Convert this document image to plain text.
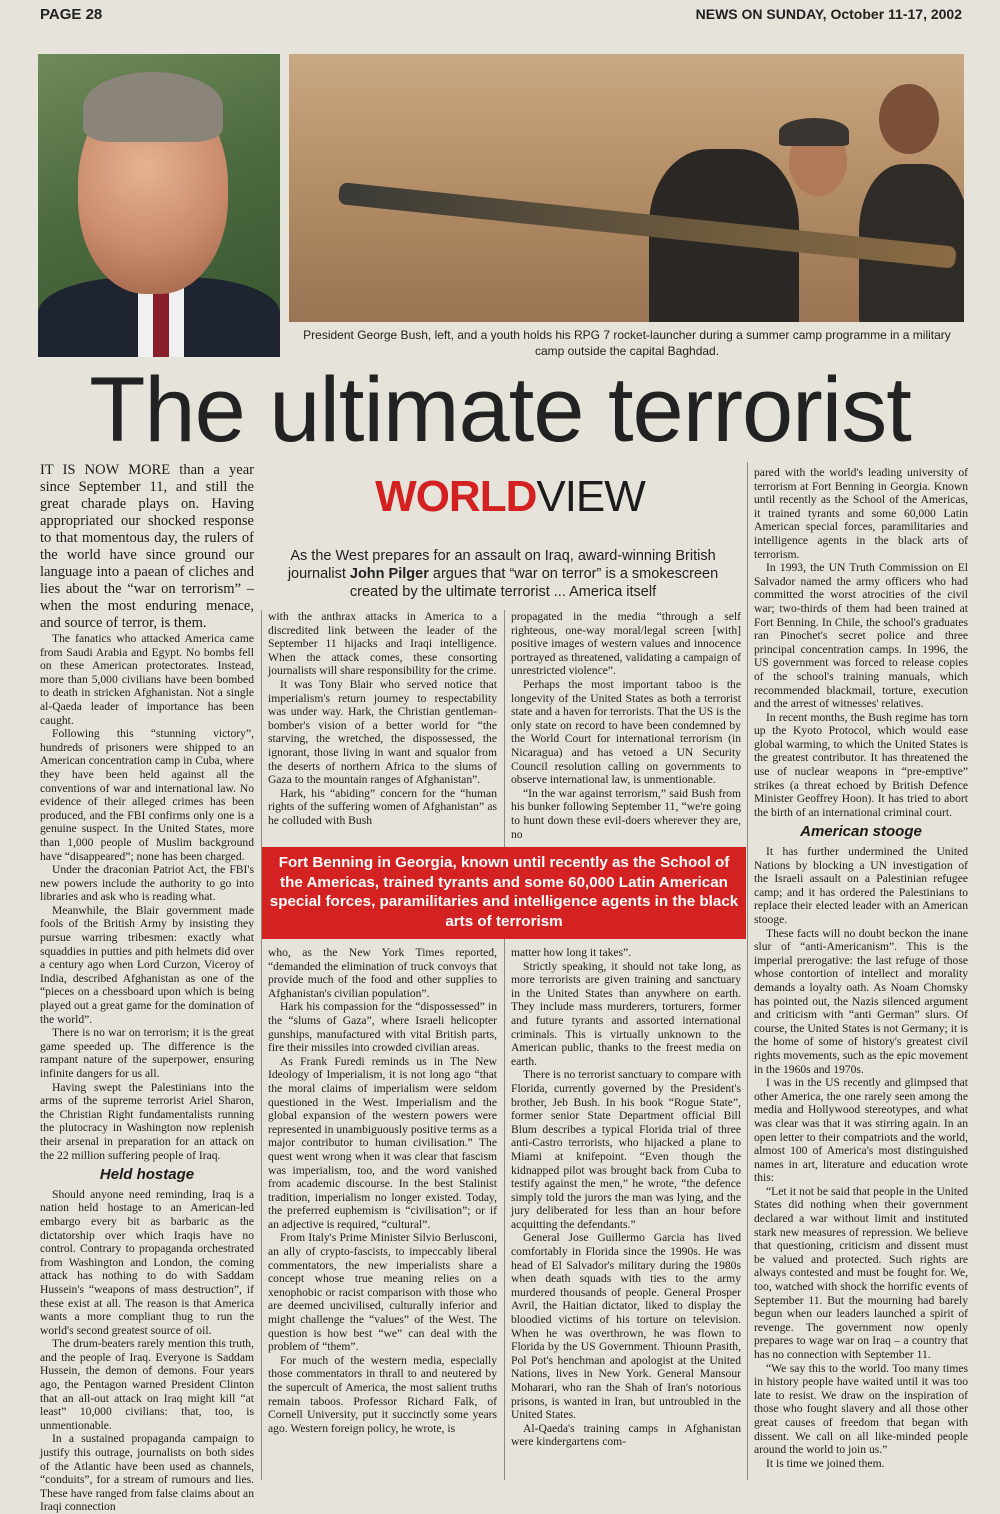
PAGE 28	NEWS ON SUNDAY, October 11-17, 2002
President George Bush, left, and a youth holds his RPG 7 rocket-launcher during a summer camp programme in a military camp outside the capital Baghdad.
The ultimate terrorist
WORLDVIEW
As the West prepares for an assault on Iraq, award-winning British journalist John Pilger argues that “war on terror” is a smokescreen created by the ultimate terrorist ... America itself

IT IS NOW MORE than a year since September 11, and still the great charade plays on. Having appropriated our shocked response to that momentous day, the rulers of the world have since ground our language into a paean of cliches and lies about the “war on terrorism” – when the most enduring menace, and source of terror, is them.

The fanatics who attacked America came from Saudi Arabia and Egypt. No bombs fell on these American protectorates. Instead, more than 5,000 civilians have been bombed to death in stricken Afghanistan. Not a single al-Qaeda leader of importance has been caught.

Following this “stunning victory”, hundreds of prisoners were shipped to an American concentration camp in Cuba, where they have been held against all the conventions of war and international law. No evidence of their alleged crimes has been produced, and the FBI confirms only one is a genuine suspect. In the United States, more than 1,000 people of Muslim background have “disappeared”; none has been charged.

Under the draconian Patriot Act, the FBI's new powers include the authority to go into libraries and ask who is reading what.

Meanwhile, the Blair government made fools of the British Army by insisting they pursue warring tribesmen: exactly what squaddies in putties and pith helmets did over a century ago when Lord Curzon, Viceroy of India, described Afghanistan as one of the “pieces on a chessboard upon which is being played out a great game for the domination of the world”.

There is no war on terrorism; it is the great game speeded up. The difference is the rampant nature of the superpower, ensuring infinite dangers for us all.

Having swept the Palestinians into the arms of the supreme terrorist Ariel Sharon, the Christian Right fundamentalists running the plutocracy in Washington now replenish their arsenal in preparation for an attack on the 22 million suffering people of Iraq.

Held hostage

Should anyone need reminding, Iraq is a nation held hostage to an American-led embargo every bit as barbaric as the dictatorship over which Iraqis have no control. Contrary to propaganda orchestrated from Washington and London, the coming attack has nothing to do with Saddam Hussein's “weapons of mass destruction”, if these exist at all. The reason is that America wants a more compliant thug to run the world's second greatest source of oil.

The drum-beaters rarely mention this truth, and the people of Iraq. Everyone is Saddam Hussein, the demon of demons. Four years ago, the Pentagon warned President Clinton that an all-out attack on Iraq might kill “at least” 10,000 civilians: that, too, is unmentionable.

In a sustained propaganda campaign to justify this outrage, journalists on both sides of the Atlantic have been used as channels, “conduits”, for a stream of rumours and lies. These have ranged from false claims about an Iraqi connection

with the anthrax attacks in America to a discredited link between the leader of the September 11 hijacks and Iraqi intelligence. When the attack comes, these consorting journalists will share responsibility for the crime.

It was Tony Blair who served notice that imperialism's return journey to respectability was under way. Hark, the Christian gentleman-bomber's vision of a better world for “the starving, the wretched, the dispossessed, the ignorant, those living in want and squalor from the deserts of northern Africa to the slums of Gaza to the mountain ranges of Afghanistan”.

Hark, his “abiding” concern for the “human rights of the suffering women of Afghanistan” as he colluded with Bush

propagated in the media “through a self righteous, one-way moral/legal screen [with] positive images of western values and innocence portrayed as threatened, validating a campaign of unrestricted violence”.

Perhaps the most important taboo is the longevity of the United States as both a terrorist state and a haven for terrorists. That the US is the only state on record to have been condemned by the World Court for international terrorism (in Nicaragua) and has vetoed a UN Security Council resolution calling on governments to observe international law, is unmentionable.

“In the war against terrorism,” said Bush from his bunker following September 11, “we're going to hunt down these evil-doers wherever they are, no

Fort Benning in Georgia, known until recently as the School of the Americas, trained tyrants and some 60,000 Latin American special forces, paramilitaries and intelligence agents in the black arts of terrorism

who, as the New York Times reported, “demanded the elimination of truck convoys that provide much of the food and other supplies to Afghanistan's civilian population”.

Hark his compassion for the “dispossessed” in the “slums of Gaza”, where Israeli helicopter gunships, manufactured with vital British parts, fire their missiles into crowded civilian areas.

As Frank Furedi reminds us in The New Ideology of Imperialism, it is not long ago “that the moral claims of imperialism were seldom questioned in the West. Imperialism and the global expansion of the western powers were represented in unambiguously positive terms as a major contributor to human civilisation.” The quest went wrong when it was clear that fascism was imperialism, too, and the word vanished from academic discourse. In the best Stalinist tradition, imperialism no longer existed. Today, the preferred euphemism is “civilisation”; or if an adjective is required, “cultural”.

From Italy's Prime Minister Silvio Berlusconi, an ally of crypto-fascists, to impeccably liberal commentators, the new imperialists share a concept whose true meaning relies on a xenophobic or racist comparison with those who are deemed uncivilised, culturally inferior and might challenge the “values” of the West. The question is how best “we” can deal with the problem of “them”.

For much of the western media, especially those commentators in thrall to and neutered by the supercult of America, the most salient truths remain taboos. Professor Richard Falk, of Cornell University, put it succinctly some years ago. Western foreign policy, he wrote, is

matter how long it takes”.

Strictly speaking, it should not take long, as more terrorists are given training and sanctuary in the United States than anywhere on earth. They include mass murderers, torturers, former and future tyrants and assorted international criminals. This is virtually unknown to the American public, thanks to the freest media on earth.

There is no terrorist sanctuary to compare with Florida, currently governed by the President's brother, Jeb Bush. In his book “Rogue State”, former senior State Department official Bill Blum describes a typical Florida trial of three anti-Castro terrorists, who hijacked a plane to Miami at knifepoint. “Even though the kidnapped pilot was brought back from Cuba to testify against the men,” he wrote, “the defence simply told the jurors the man was lying, and the jury deliberated for less than an hour before acquitting the defendants.”

General Jose Guillermo Garcia has lived comfortably in Florida since the 1990s. He was head of El Salvador's military during the 1980s when death squads with ties to the army murdered thousands of people. General Prosper Avril, the Haitian dictator, liked to display the bloodied victims of his torture on television. When he was overthrown, he was flown to Florida by the US Government. Thiounn Prasith, Pol Pot's henchman and apologist at the United Nations, lives in New York. General Mansour Moharari, who ran the Shah of Iran's notorious prisons, is wanted in Iran, but untroubled in the United States.

Al-Qaeda's training camps in Afghanistan were kindergartens com-

pared with the world's leading university of terrorism at Fort Benning in Georgia. Known until recently as the School of the Americas, it trained tyrants and some 60,000 Latin American special forces, paramilitaries and intelligence agents in the black arts of terrorism.

In 1993, the UN Truth Commission on El Salvador named the army officers who had committed the worst atrocities of the civil war; two-thirds of them had been trained at Fort Benning. In Chile, the school's graduates ran Pinochet's secret police and three principal concentration camps. In 1996, the US government was forced to release copies of the school's training manuals, which recommended blackmail, torture, execution and the arrest of witnesses' relatives.

In recent months, the Bush regime has torn up the Kyoto Protocol, which would ease global warming, to which the United States is the greatest contributor. It has threatened the use of nuclear weapons in “pre-emptive” strikes (a threat echoed by British Defence Minister Geoffrey Hoon). It has tried to abort the birth of an international criminal court.

American stooge

It has further undermined the United Nations by blocking a UN investigation of the Israeli assault on a Palestinian refugee camp; and it has ordered the Palestinians to replace their elected leader with an American stooge.

These facts will no doubt beckon the inane slur of “anti-Americanism”. This is the imperial prerogative: the last refuge of those whose contortion of intellect and morality demands a loyalty oath. As Noam Chomsky has pointed out, the Nazis silenced argument and criticism with “anti German” slurs. Of course, the United States is not Germany; it is the home of some of history's greatest civil rights movements, such as the epic movement in the 1960s and 1970s.

I was in the US recently and glimpsed that other America, the one rarely seen among the media and Hollywood stereotypes, and what was clear was that it was stirring again. In an open letter to their compatriots and the world, almost 100 of America's most distinguished names in art, literature and education wrote this:

“Let it not be said that people in the United States did nothing when their government declared a war without limit and instituted stark new measures of repression. We believe that questioning, criticism and dissent must be valued and protected. Such rights are always contested and must be fought for. We, too, watched with shock the horrific events of September 11. But the mourning had barely begun when our leaders launched a spirit of revenge. The government now openly prepares to wage war on Iraq – a country that has no connection with September 11.

“We say this to the world. Too many times in history people have waited until it was too late to resist. We draw on the inspiration of those who fought slavery and all those other great causes of freedom that began with dissent. We call on all like-minded people around the world to join us.”

It is time we joined them.
